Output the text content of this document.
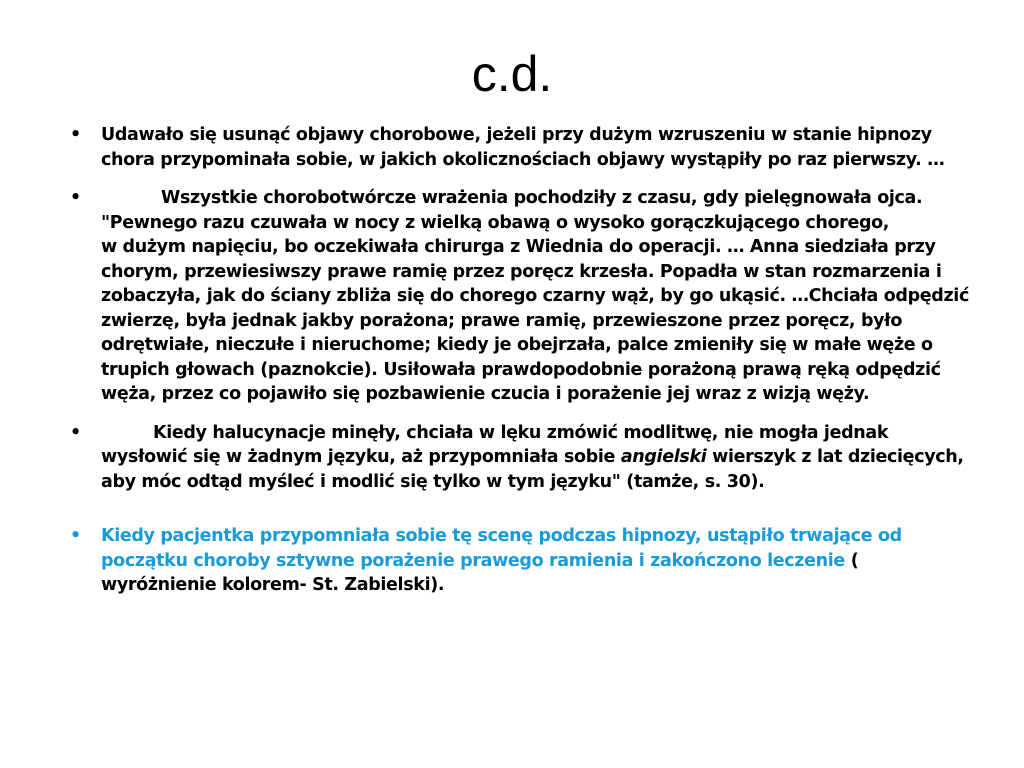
c.d.
•	Udawało się usunąć objawy chorobowe, jeżeli przy dużym wzruszeniu w stanie hipnozy chora przypominała sobie, w jakich okolicznościach objawy wystąpiły po raz pierwszy. …

•	Wszystkie chorobotwórcze wrażenia pochodziły z czasu, gdy pielęgnowała ojca.

"Pewnego razu czuwała w nocy z wielką obawą o wysoko gorączkującego chorego,

w dużym napięciu, bo oczekiwała chirurga z Wiednia do operacji. … Anna siedziała przy chorym, przewiesiwszy prawe ramię przez poręcz krzesła. Popadła w stan rozmarzenia i zobaczyła, jak do ściany zbliża się do chorego czarny wąż, by go ukąsić. …Chciała odpędzić zwierzę, była jednak jakby porażona; prawe ramię, przewieszone przez poręcz, było odrętwiałe, nieczułe i nieruchome; kiedy je obejrzała, palce zmieniły się w małe węże o trupich głowach (paznokcie). Usiłowała prawdopodobnie porażoną prawą ręką odpędzić węża, przez co pojawiło się pozbawienie czucia i porażenie jej wraz z wizją węży.

•	Kiedy halucynacje minęły, chciała w lęku zmówić modlitwę, nie mogła jednak wysłowić się w żadnym języku, aż przypomniała sobie angielski wierszyk z lat dziecięcych, aby móc odtąd myśleć i modlić się tylko w tym języku" (tamże, s. 30).

•	Kiedy pacjentka przypomniała sobie tę scenę podczas hipnozy, ustąpiło trwające od początku choroby sztywne porażenie prawego ramienia i zakończono leczenie ( wyróżnienie kolorem- St. Zabielski).
